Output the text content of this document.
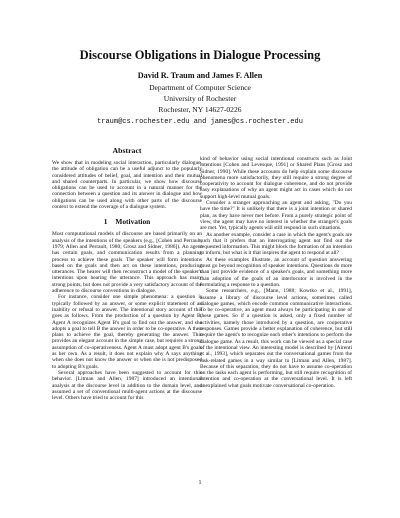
Discourse Obligations in Dialogue Processing
David R. Traum and James F. Allen
Department of Computer Science
University of Rochester
Rochester, NY 14627-0226
traum@cs.rochester.edu and james@cs.rochester.edu

Abstract

We show that in modeling social interaction, particularly dialogue, the attitude of obligation can be a useful adjunct to the popularly considered attitudes of belief, goal, and intention and their mutual and shared counterparts. In particular, we show how discourse obligations can be used to account in a natural manner for the connection between a question and its answer in dialogue and how obligations can be used along with other parts of the discourse context to extend the coverage of a dialogue system.

1 Motivation

Most computational models of discourse are based primarily on an analysis of the intentions of the speakers (e.g., [Cohen and Perrault, 1979; Allen and Perrault, 1980; Grosz and Sidner, 1986]). An agent has certain goals, and communication results from a planning process to achieve these goals. The speaker will form intentions based on the goals and then act on these intentions, producing utterances. The hearer will then reconstruct a model of the speaker's intentions upon hearing the utterance. This approach has many strong points, but does not provide a very satisfactory account of the adherence to discourse conventions in dialogue.

For instance, consider one simple phenomena: a question is typically followed by an answer, or some explicit statement of an inability or refusal to answer. The intentional story account of this goes as follows. From the production of a question by Agent B, Agent A recognizes Agent B's goal to find out the answer, and she adopts a goal to tell B the answer in order to be co-operative. A then plans to achieve the goal, thereby generating the answer. This provides an elegant account in the simple case, but requires a strong assumption of co-operativeness. Agent A must adopt agent B's goals as her own. As a result, it does not explain why A says anything when she does not know the answer or when she is not predisposed to adopting B's goals.

Several approaches have been suggested to account for this behavior. [Litman and Allen, 1987] introduced an intentional analysis at the discourse level in addition to the domain level, and assumed a set of conventional multi-agent actions at the discourse level. Others have tried to account for this

kind of behavior using social intentional constructs such as Joint intentions [Cohen and Levesque, 1991] or Shared Plans [Grosz and Sidner, 1990]. While these accounts do help explain some discourse phenomena more satisfactorily, they still require a strong degree of cooperativity to account for dialogue coherence, and do not provide easy explanations of why an agent might act in cases which do not support high-level mutual goals.

Consider a stranger approaching an agent and asking, "Do you have the time?" It is unlikely that there is a joint intention or shared plan, as they have never met before. From a purely strategic point of view, the agent may have no interest in whether the stranger's goals are met. Yet, typically agents will still respond in such situations.

As another example, consider a case in which the agent's goals are such that it prefers that an interrogating agent not find out the requested information. This might block the formation of an intention to inform, but what is it that inspires the agent to respond at all?

As these examples illustrate, an account of question answering must go beyond recognition of speaker intentions. Questions do more than just provide evidence of a speaker's goals, and something more than adoption of the goals of an interlocutor is involved in the formulating a response to a question.

Some researchers, e.g., [Mann, 1988; Kowtko et al., 1991], assume a library of discourse level actions, sometimes called dialogue games, which encode common communicative interactions. To be co-operative, an agent must always be participating in one of these games. So if a question is asked, only a fixed number of activities, namely those introduced by a question, are cooperative responses. Games provide a better explanation of coherence, but still require the agent's to recognize each other's intentions to perform the dialogue game. As a result, this work can be viewed as a special case of the intentional view. An interesting model is described by [Airenti et al., 1993], which separates out the conversational games from the task-related games in a way similar to [Litman and Allen, 1987]. Because of this separation, they do not have to assume co-operation on the tasks each agent is performing, but still require recognition of intention and co-operation at the conversational level. It is left unexplained what goals motivate conversational co-operation.

1
